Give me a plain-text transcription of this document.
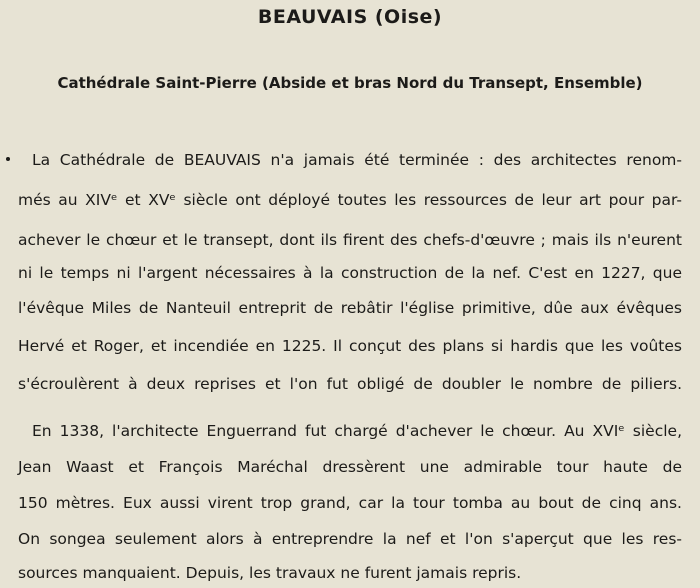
BEAUVAIS (Oise)
Cathédrale Saint-Pierre (Abside et bras Nord du Transept, Ensemble)

La Cathédrale de BEAUVAIS n'a jamais été terminée : des architectes renom-

més au XIVᵉ et XVᵉ siècle ont déployé toutes les ressources de leur art pour par-

achever le chœur et le transept, dont ils firent des chefs-d'œuvre ; mais ils n'eurent

ni le temps ni l'argent nécessaires à la construction de la nef. C'est en 1227, que

l'évêque Miles de Nanteuil entreprit de rebâtir l'église primitive, dûe aux évêques

Hervé et Roger, et incendiée en 1225. Il conçut des plans si hardis que les voûtes

s'écroulèrent à deux reprises et l'on fut obligé de doubler le nombre de piliers.

En 1338, l'architecte Enguerrand fut chargé d'achever le chœur. Au XVIᵉ siècle,

Jean Waast et François Maréchal dressèrent une admirable tour haute de

150 mètres. Eux aussi virent trop grand, car la tour tomba au bout de cinq ans.

On songea seulement alors à entreprendre la nef et l'on s'aperçut que les res-

sources manquaient. Depuis, les travaux ne furent jamais repris.
